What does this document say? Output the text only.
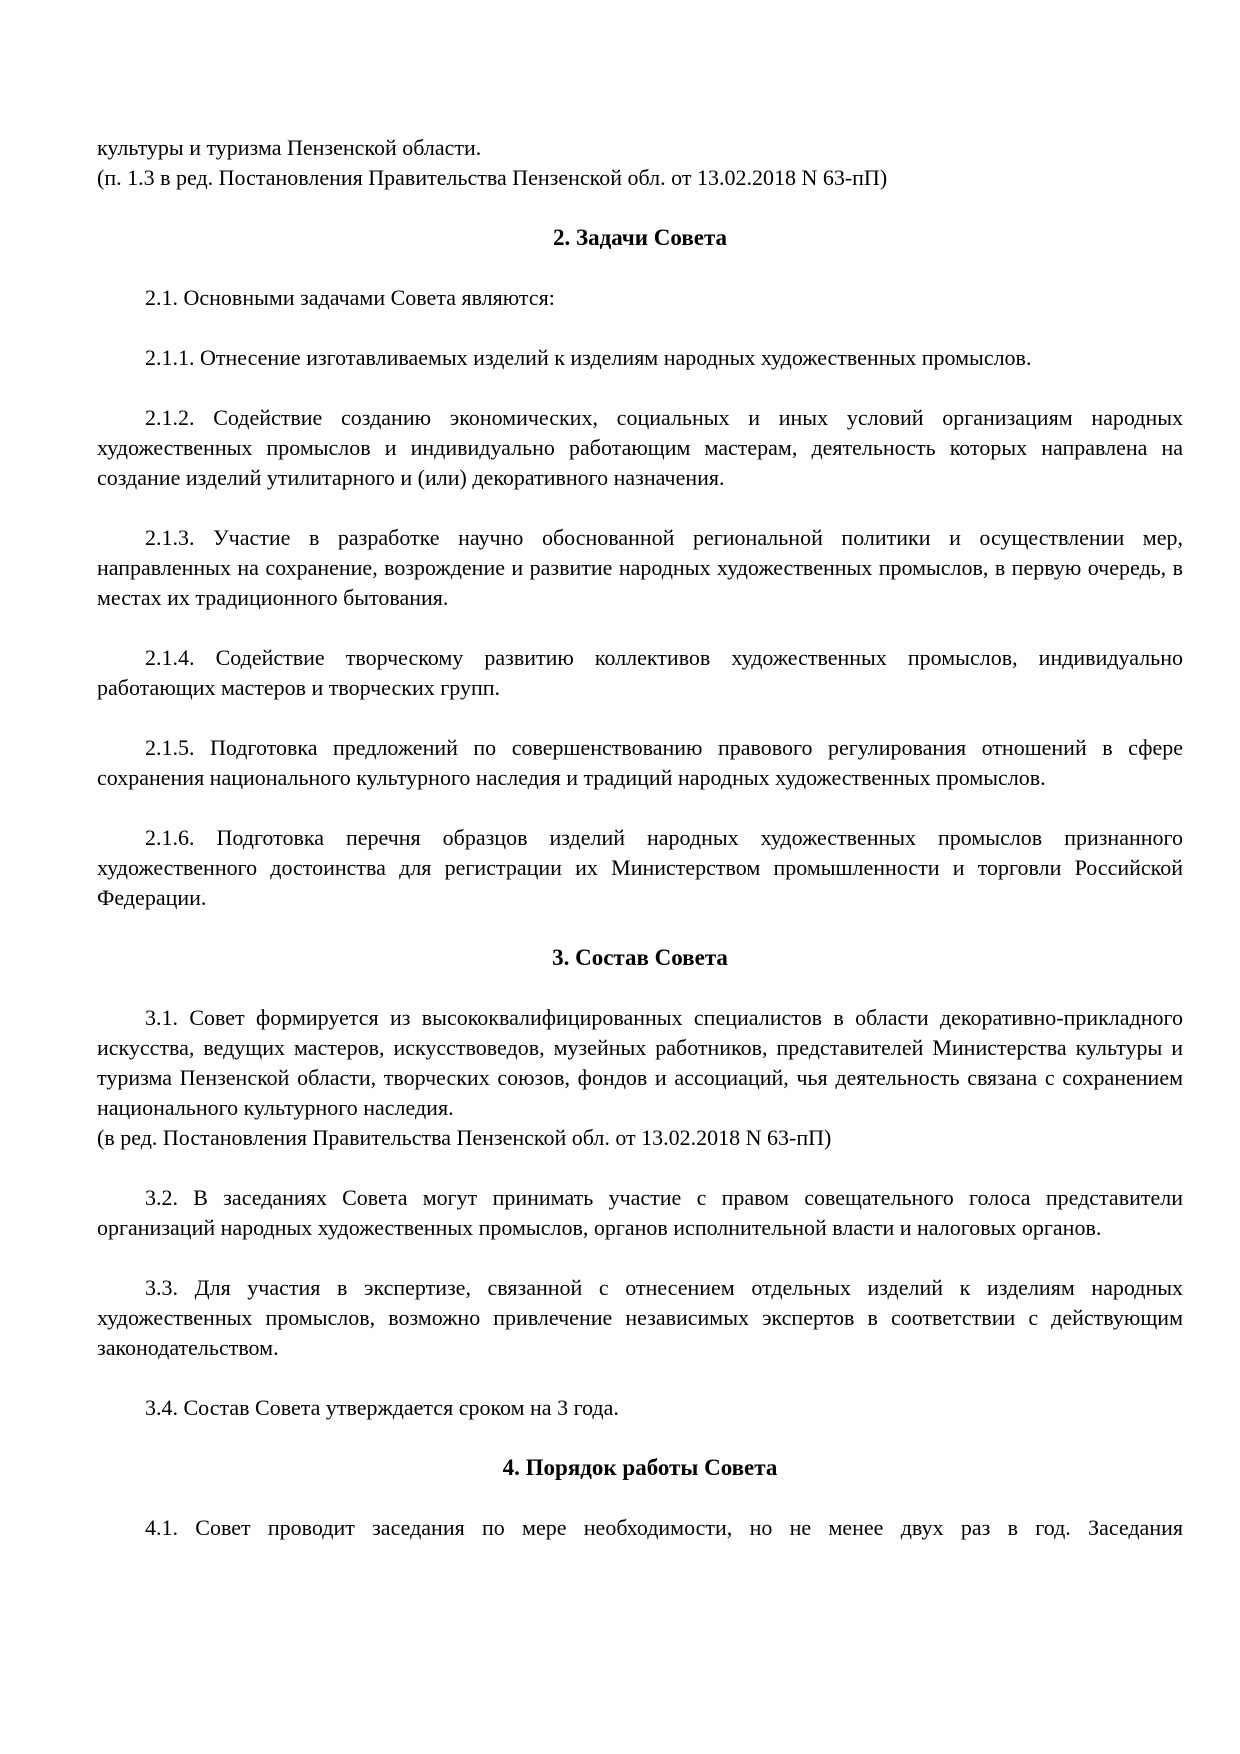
культуры и туризма Пензенской области.

(п. 1.3 в ред. Постановления Правительства Пензенской обл. от 13.02.2018 N 63-пП)

2. Задачи Совета

2.1. Основными задачами Совета являются:

2.1.1. Отнесение изготавливаемых изделий к изделиям народных художественных промыслов.

2.1.2. Содействие созданию экономических, социальных и иных условий организациям народных художественных промыслов и индивидуально работающим мастерам, деятельность которых направлена на создание изделий утилитарного и (или) декоративного назначения.

2.1.3. Участие в разработке научно обоснованной региональной политики и осуществлении мер, направленных на сохранение, возрождение и развитие народных художественных промыслов, в первую очередь, в местах их традиционного бытования.

2.1.4. Содействие творческому развитию коллективов художественных промыслов, индивидуально работающих мастеров и творческих групп.

2.1.5. Подготовка предложений по совершенствованию правового регулирования отношений в сфере сохранения национального культурного наследия и традиций народных художественных промыслов.

2.1.6. Подготовка перечня образцов изделий народных художественных промыслов признанного художественного достоинства для регистрации их Министерством промышленности и торговли Российской Федерации.

3. Состав Совета

3.1. Совет формируется из высококвалифицированных специалистов в области декоративно-прикладного искусства, ведущих мастеров, искусствоведов, музейных работников, представителей Министерства культуры и туризма Пензенской области, творческих союзов, фондов и ассоциаций, чья деятельность связана с сохранением национального культурного наследия.

(в ред. Постановления Правительства Пензенской обл. от 13.02.2018 N 63-пП)

3.2. В заседаниях Совета могут принимать участие с правом совещательного голоса представители организаций народных художественных промыслов, органов исполнительной власти и налоговых органов.

3.3. Для участия в экспертизе, связанной с отнесением отдельных изделий к изделиям народных художественных промыслов, возможно привлечение независимых экспертов в соответствии с действующим законодательством.

3.4. Состав Совета утверждается сроком на 3 года.

4. Порядок работы Совета

4.1. Совет проводит заседания по мере необходимости, но не менее двух раз в год. Заседания
